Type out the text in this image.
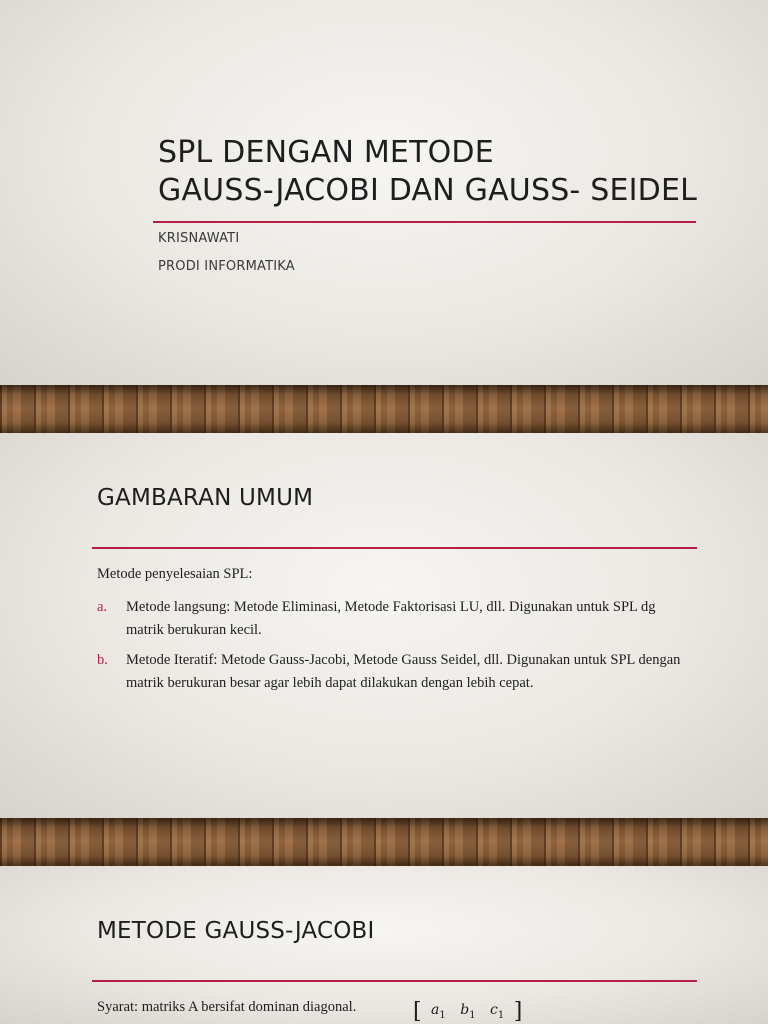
SPL DENGAN METODE
GAUSS-JACOBI DAN GAUSS- SEIDEL
KRISNAWATI
PRODI INFORMATIKA
GAMBARAN UMUM
Metode penyelesaian SPL:
a. Metode langsung: Metode Eliminasi, Metode Faktorisasi LU, dll. Digunakan untuk SPL dg matrik berukuran kecil.
b. Metode Iteratif: Metode Gauss-Jacobi, Metode Gauss Seidel, dll. Digunakan untuk SPL dengan matrik berukuran besar agar lebih dapat dilakukan dengan lebih cepat.
METODE GAUSS-JACOBI
Syarat: matriks A bersifat dominan diagonal.	[ $a_1$ $b_1$ $c_1$ ]
